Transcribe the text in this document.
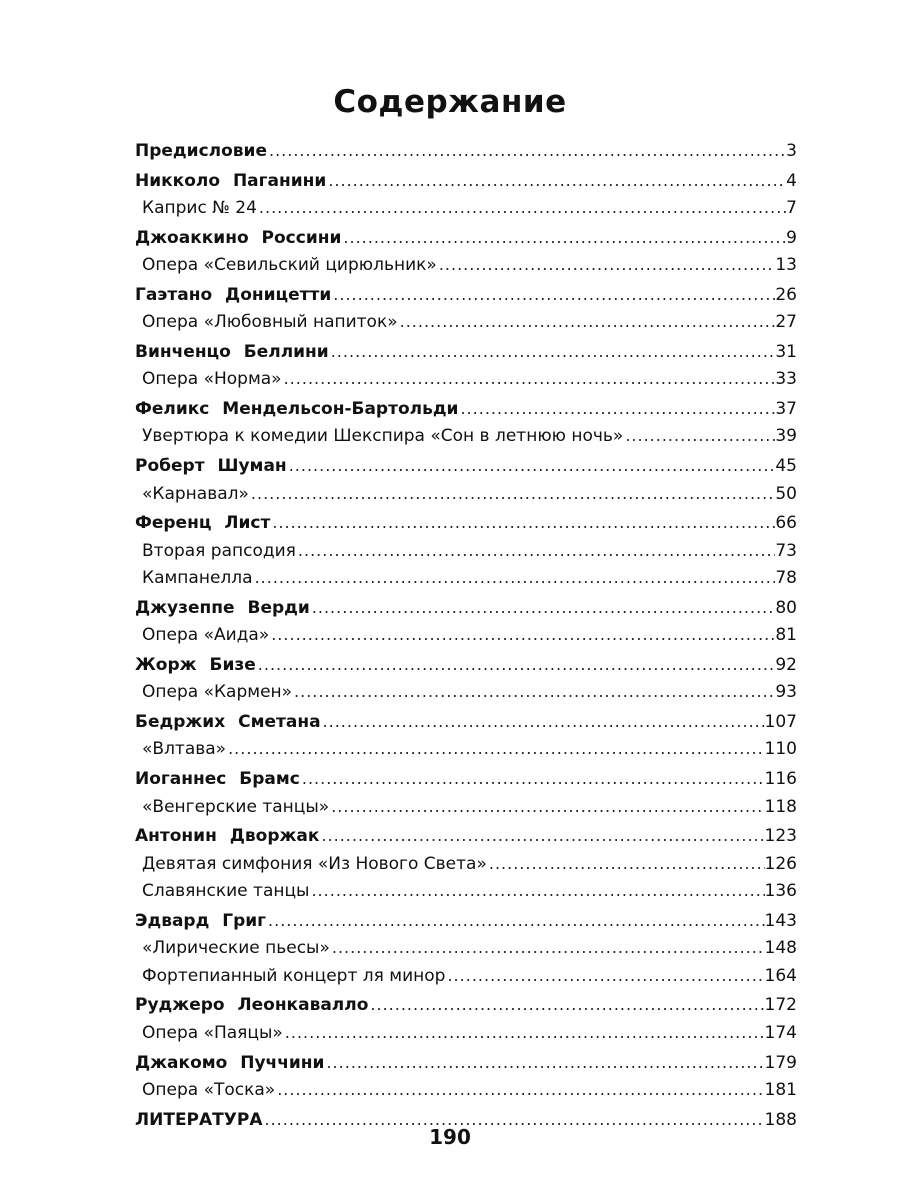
Содержание
Предисловие .....	3
Никколо Паганини .....	4
Каприс № 24 .....	7
Джоаккино Россини .....	9
Опера «Севильский цирюльник» .....	13
Гаэтано Доницетти .....	26
Опера «Любовный напиток» .....	27
Винченцо Беллини .....	31
Опера «Норма» .....	33
Феликс Мендельсон-Бартольди .....	37
Увертюра к комедии Шекспира «Сон в летнюю ночь» .....	39
Роберт Шуман .....	45
«Карнавал» .....	50
Ференц Лист .....	66
Вторая рапсодия .....	73
Кампанелла .....	78
Джузеппе Верди .....	80
Опера «Аида» .....	81
Жорж Бизе .....	92
Опера «Кармен» .....	93
Бедржих Сметана .....	107
«Влтава» .....	110
Иоганнес Брамс .....	116
«Венгерские танцы» .....	118
Антонин Дворжак .....	123
Девятая симфония «Из Нового Света» .....	126
Славянские танцы .....	136
Эдвард Григ .....	143
«Лирические пьесы» .....	148
Фортепианный концерт ля минор .....	164
Руджеро Леонкавалло .....	172
Опера «Паяцы» .....	174
Джакомо Пуччини .....	179
Опера «Тоска» .....	181
ЛИТЕРАТУРА .....	188
190
